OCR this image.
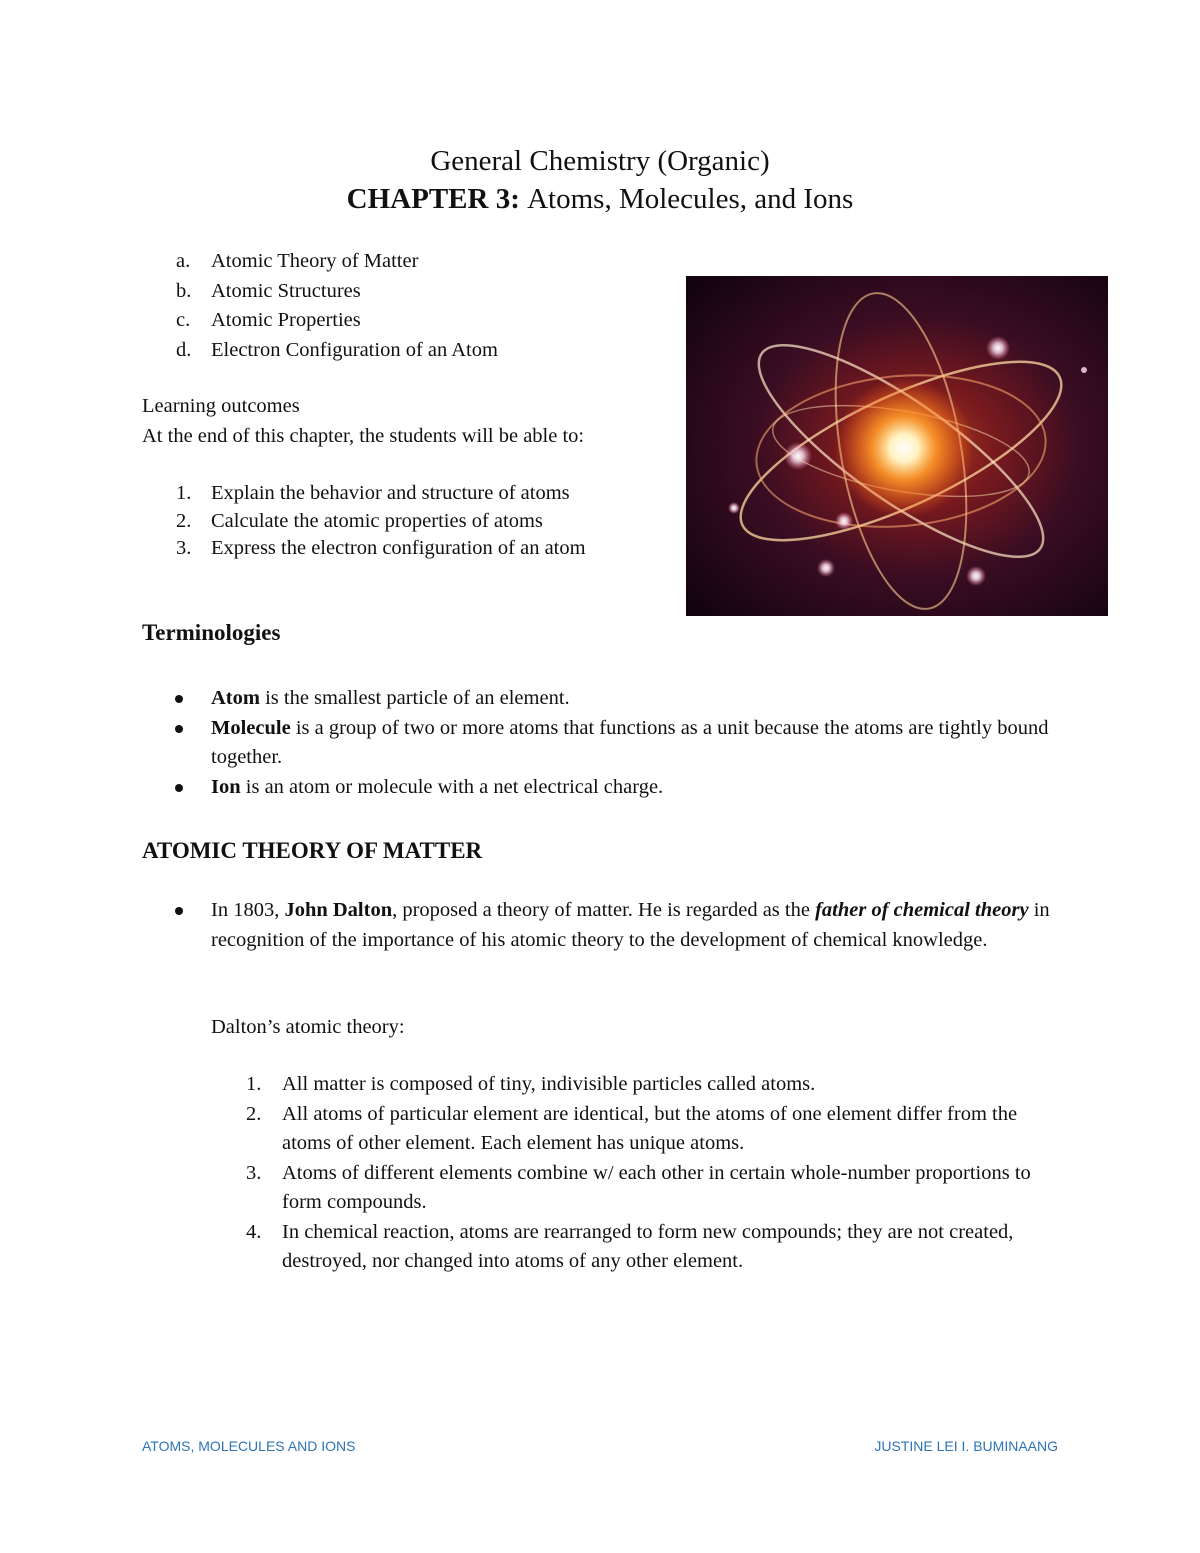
General Chemistry (Organic)
CHAPTER 3: Atoms, Molecules, and Ions
a. Atomic Theory of Matter
b. Atomic Structures
c. Atomic Properties
d. Electron Configuration of an Atom
Learning outcomes
At the end of this chapter, the students will be able to:
1. Explain the behavior and structure of atoms
2. Calculate the atomic properties of atoms
3. Express the electron configuration of an atom
Terminologies
Atom is the smallest particle of an element.
Molecule is a group of two or more atoms that functions as a unit because the atoms are tightly bound together.
Ion is an atom or molecule with a net electrical charge.
ATOMIC THEORY OF MATTER
In 1803, John Dalton, proposed a theory of matter. He is regarded as the father of chemical theory in recognition of the importance of his atomic theory to the development of chemical knowledge.
Dalton’s atomic theory:
1. All matter is composed of tiny, indivisible particles called atoms.
2. All atoms of particular element are identical, but the atoms of one element differ from the atoms of other element. Each element has unique atoms.
3. Atoms of different elements combine w/ each other in certain whole-number proportions to form compounds.
4. In chemical reaction, atoms are rearranged to form new compounds; they are not created, destroyed, nor changed into atoms of any other element.
ATOMS, MOLECULES AND IONS	JUSTINE LEI I. BUMINAANG
